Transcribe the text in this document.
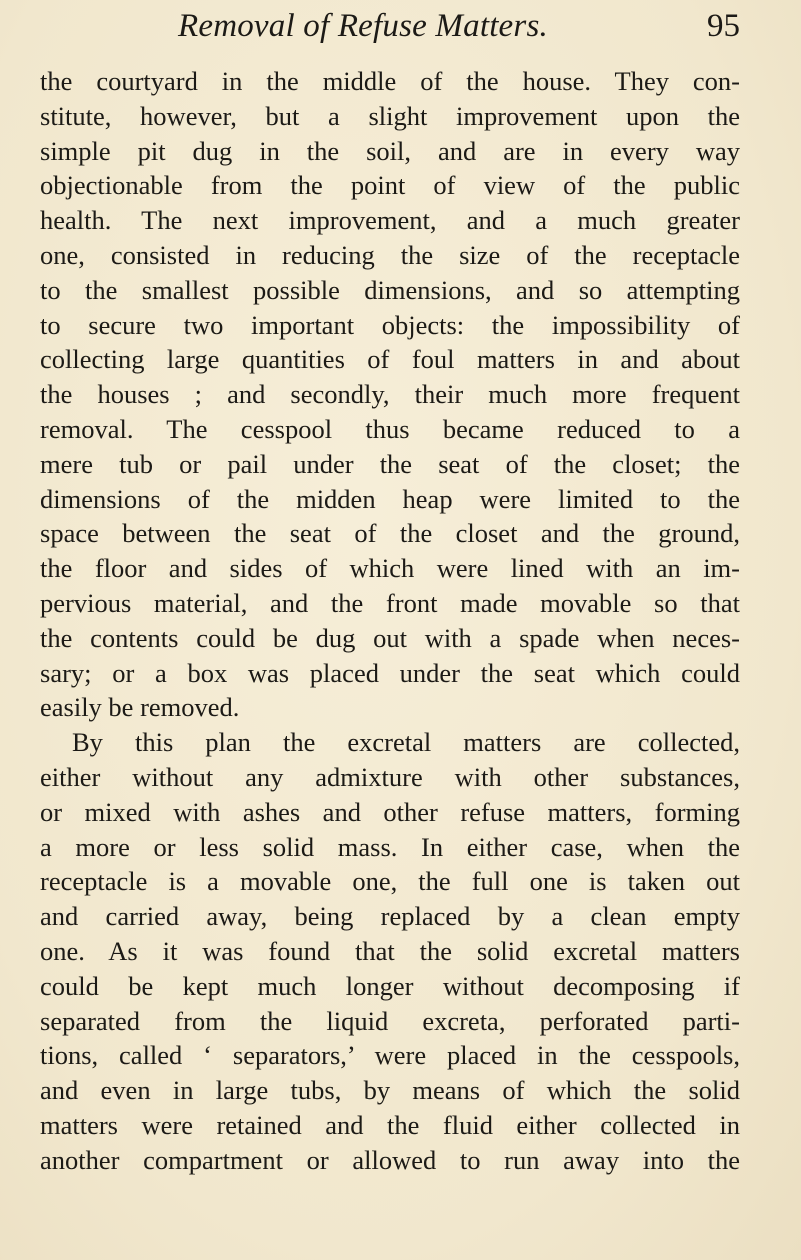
Removal of Refuse Matters.	95
the courtyard in the middle of the house. They con-
stitute, however, but a slight improvement upon the
simple pit dug in the soil, and are in every way
objectionable from the point of view of the public
health. The next improvement, and a much greater
one, consisted in reducing the size of the receptacle
to the smallest possible dimensions, and so attempting
to secure two important objects: the impossibility of
collecting large quantities of foul matters in and about
the houses ; and secondly, their much more frequent
removal. The cesspool thus became reduced to a
mere tub or pail under the seat of the closet; the
dimensions of the midden heap were limited to the
space between the seat of the closet and the ground,
the floor and sides of which were lined with an im-
pervious material, and the front made movable so that
the contents could be dug out with a spade when neces-
sary; or a box was placed under the seat which could
easily be removed.
By this plan the excretal matters are collected,
either without any admixture with other substances,
or mixed with ashes and other refuse matters, forming
a more or less solid mass. In either case, when the
receptacle is a movable one, the full one is taken out
and carried away, being replaced by a clean empty
one. As it was found that the solid excretal matters
could be kept much longer without decomposing if
separated from the liquid excreta, perforated parti-
tions, called ‘ separators,’ were placed in the cesspools,
and even in large tubs, by means of which the solid
matters were retained and the fluid either collected in
another compartment or allowed to run away into the
